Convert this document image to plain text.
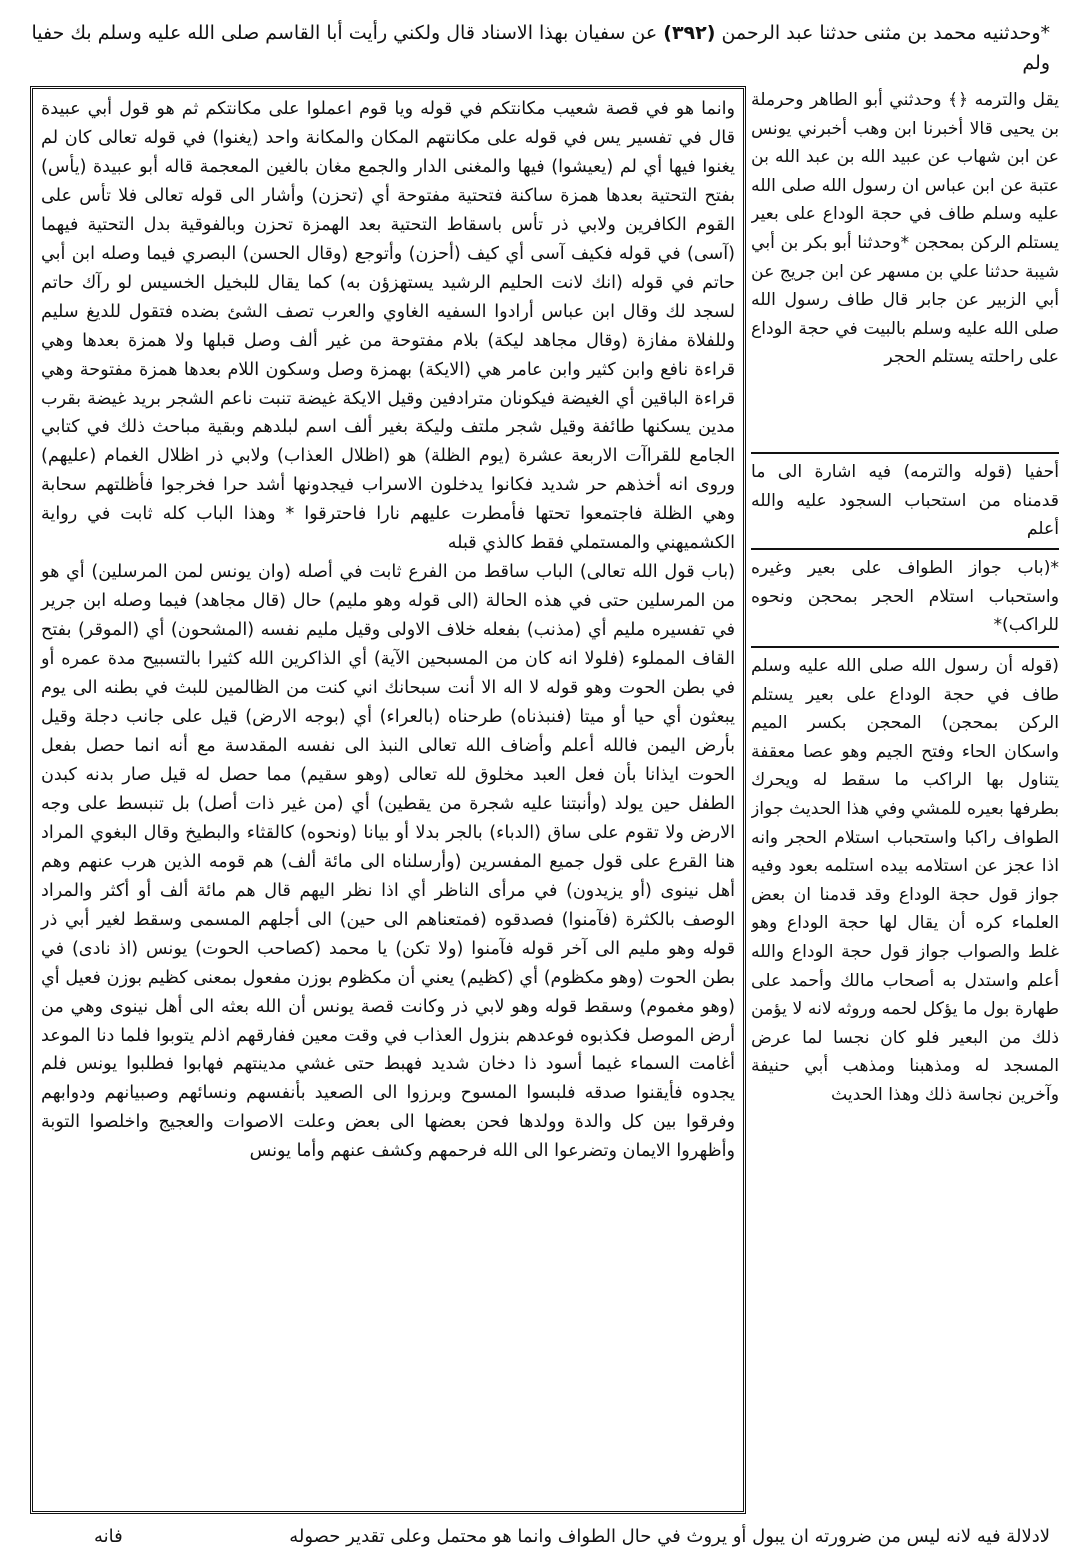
*وحدثنيه محمد بن مثنى حدثنا عبد الرحمن (٣٩٢) عن سفيان بهذا الاسناد قال ولكني رأيت أبا القاسم صلى الله عليه وسلم بك حفيا ولم

وانما هو في قصة شعيب مكانتكم في قوله ويا قوم اعملوا على مكانتكم ثم هو قول أبي عبيدة قال في تفسير يس في قوله على مكانتهم المكان والمكانة واحد (يغنوا) في قوله تعالى كان لم يغنوا فيها أي لم (يعيشوا) فيها والمغنى الدار والجمع مغان بالغين المعجمة قاله أبو عبيدة (يأس) بفتح التحتية بعدها همزة ساكنة فتحتية مفتوحة أي (تحزن) وأشار الى قوله تعالى فلا تأس على القوم الكافرين ولابي ذر تأس باسقاط التحتية بعد الهمزة تحزن وبالفوقية بدل التحتية فيهما (آسى) في قوله فكيف آسى أي كيف (أحزن) وأتوجع (وقال الحسن) البصري فيما وصله ابن أبي حاتم في قوله (انك لانت الحليم الرشيد يستهزؤن به) كما يقال للبخيل الخسيس لو رآك حاتم لسجد لك وقال ابن عباس أرادوا السفيه الغاوي والعرب تصف الشئ بضده فتقول للديغ سليم وللفلاة مفازة (وقال مجاهد ليكة) بلام مفتوحة من غير ألف وصل قبلها ولا همزة بعدها وهي قراءة نافع وابن كثير وابن عامر هي (الايكة) بهمزة وصل وسكون اللام بعدها همزة مفتوحة وهي قراءة الباقين أي الغيضة فيكونان مترادفين وقيل الايكة غيضة تنبت ناعم الشجر بريد غيضة بقرب مدين يسكنها طائفة وقيل شجر ملتف وليكة بغير ألف اسم لبلدهم وبقية مباحث ذلك في كتابي الجامع للقراآت الاربعة عشرة (يوم الظلة) هو (اظلال العذاب) ولابي ذر اظلال الغمام (عليهم) وروى انه أخذهم حر شديد فكانوا يدخلون الاسراب فيجدونها أشد حرا فخرجوا فأظلتهم سحابة وهي الظلة فاجتمعوا تحتها فأمطرت عليهم نارا فاحترقوا * وهذا الباب كله ثابت في رواية الكشميهني والمستملي فقط كالذي قبله

(باب قول الله تعالى) الباب ساقط من الفرع ثابت في أصله (وان يونس لمن المرسلين) أي هو من المرسلين حتى في هذه الحالة (الى قوله وهو مليم) حال (قال مجاهد) فيما وصله ابن جرير في تفسيره مليم أي (مذنب) بفعله خلاف الاولى وقيل مليم نفسه (المشحون) أي (الموقر) بفتح القاف المملوء (فلولا انه كان من المسبحين الآية) أي الذاكرين الله كثيرا بالتسبيح مدة عمره أو في بطن الحوت وهو قوله لا اله الا أنت سبحانك اني كنت من الظالمين للبث في بطنه الى يوم يبعثون أي حيا أو ميتا (فنبذناه) طرحناه (بالعراء) أي (بوجه الارض) قيل على جانب دجلة وقيل بأرض اليمن فالله أعلم وأضاف الله تعالى النبذ الى نفسه المقدسة مع أنه انما حصل بفعل الحوت ايذانا بأن فعل العبد مخلوق لله تعالى (وهو سقيم) مما حصل له قيل صار بدنه كبدن الطفل حين يولد (وأنبتنا عليه شجرة من يقطين) أي (من غير ذات أصل) بل تنبسط على وجه الارض ولا تقوم على ساق (الدباء) بالجر بدلا أو بيانا (ونحوه) كالقثاء والبطيخ وقال البغوي المراد هنا القرع على قول جميع المفسرين (وأرسلناه الى مائة ألف) هم قومه الذين هرب عنهم وهم أهل نينوى (أو يزيدون) في مرأى الناظر أي اذا نظر اليهم قال هم مائة ألف أو أكثر والمراد الوصف بالكثرة (فآمنوا) فصدقوه (فمتعناهم الى حين) الى أجلهم المسمى وسقط لغير أبي ذر قوله وهو مليم الى آخر قوله فآمنوا (ولا تكن) يا محمد (كصاحب الحوت) يونس (اذ نادى) في بطن الحوت (وهو مكظوم) أي (كظيم) يعني أن مكظوم بوزن مفعول بمعنى كظيم بوزن فعيل أي (وهو مغموم) وسقط قوله وهو لابي ذر وكانت قصة يونس أن الله بعثه الى أهل نينوى وهي من أرض الموصل فكذبوه فوعدهم بنزول العذاب في وقت معين ففارقهم اذلم يتوبوا فلما دنا الموعد أغامت السماء غيما أسود ذا دخان شديد فهبط حتى غشي مدينتهم فهابوا فطلبوا يونس فلم يجدوه فأيقنوا صدقه فلبسوا المسوح وبرزوا الى الصعيد بأنفسهم ونسائهم وصبيانهم ودوابهم وفرقوا بين كل والدة وولدها فحن بعضها الى بعض وعلت الاصوات والعجيج واخلصوا التوبة وأظهروا الايمان وتضرعوا الى الله فرحمهم وكشف عنهم وأما يونس

يقل والترمه ﴿﴾ وحدثني أبو الطاهر وحرملة بن يحيى قالا أخبرنا ابن وهب أخبرني يونس عن ابن شهاب عن عبيد الله بن عبد الله بن عتبة عن ابن عباس ان رسول الله صلى الله عليه وسلم طاف في حجة الوداع على بعير يستلم الركن بمحجن *وحدثنا أبو بكر بن أبي شيبة حدثنا علي بن مسهر عن ابن جريج عن أبي الزبير عن جابر قال طاف رسول الله صلى الله عليه وسلم بالبيت في حجة الوداع على راحلته يستلم الحجر

أحفيا (قوله والترمه) فيه اشارة الى ما قدمناه من استحباب السجود عليه والله أعلم

*(باب جواز الطواف على بعير وغيره واستحباب استلام الحجر بمحجن ونحوه للراكب)*

(قوله أن رسول الله صلى الله عليه وسلم طاف في حجة الوداع على بعير يستلم الركن بمحجن) المحجن بكسر الميم واسكان الحاء وفتح الجيم وهو عصا معقفة يتناول بها الراكب ما سقط له ويحرك بطرفها بعيره للمشي وفي هذا الحديث جواز الطواف راكبا واستحباب استلام الحجر وانه اذا عجز عن استلامه بيده استلمه بعود وفيه جواز قول حجة الوداع وقد قدمنا ان بعض العلماء كره أن يقال لها حجة الوداع وهو غلط والصواب جواز قول حجة الوداع والله أعلم واستدل به أصحاب مالك وأحمد على طهارة بول ما يؤكل لحمه وروثه لانه لا يؤمن ذلك من البعير فلو كان نجسا لما عرض المسجد له ومذهبنا ومذهب أبي حنيفة وآخرين نجاسة ذلك وهذا الحديث

لادلالة فيه لانه ليس من ضرورته ان يبول أو يروث في حال الطواف وانما هو محتمل وعلى تقدير حصوله
فانه
